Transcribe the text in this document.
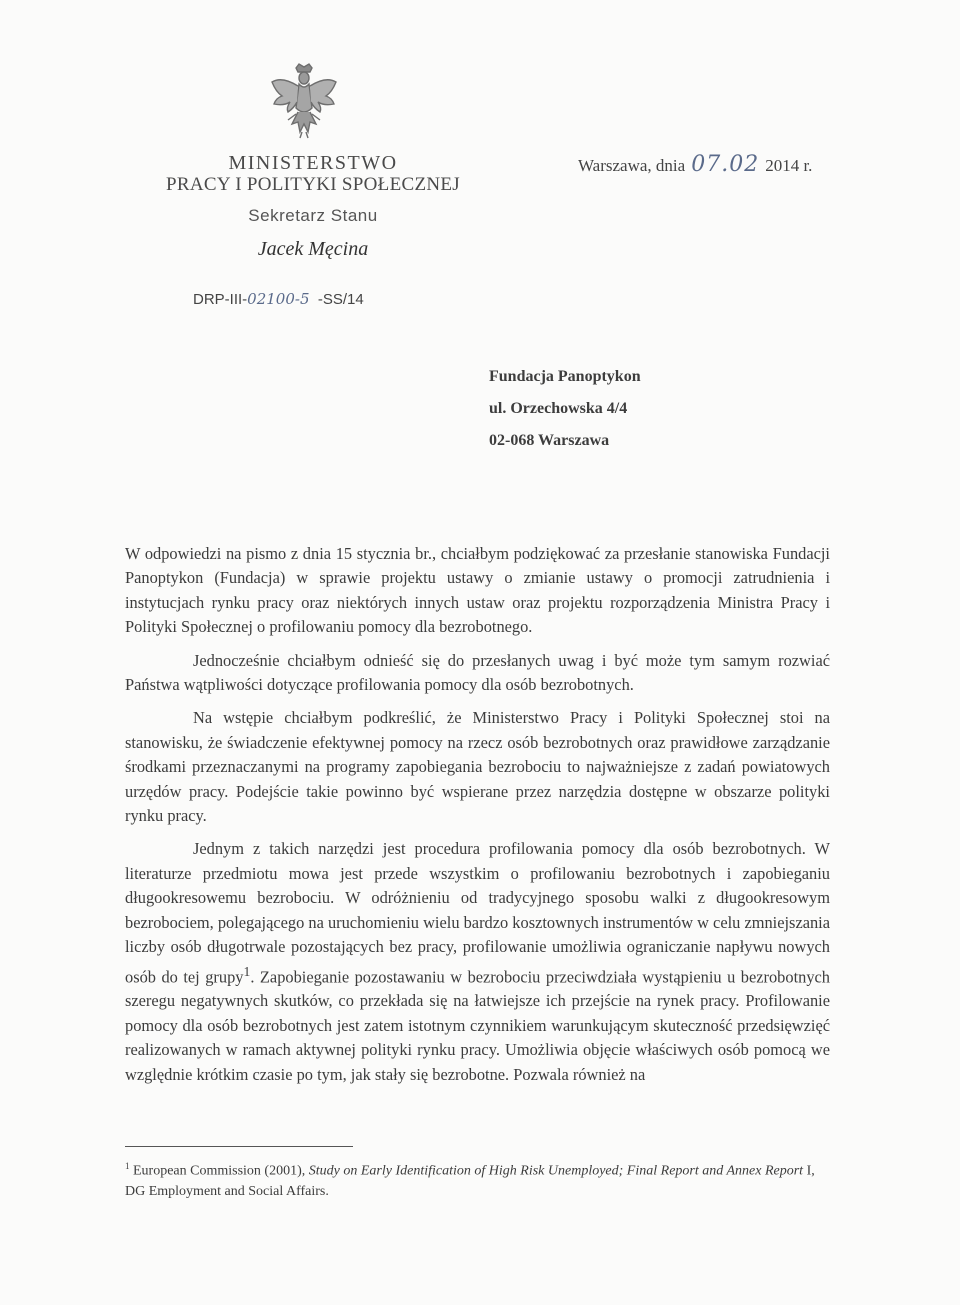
MINISTERSTWO
PRACY I POLITYKI SPOŁECZNEJ
Sekretarz Stanu
Jacek Męcina
DRP-III-02100-5 -SS/14
Warszawa, dnia 07.02 2014 r.
Fundacja Panoptykon
ul. Orzechowska 4/4
02-068 Warszawa

W odpowiedzi na pismo z dnia 15 stycznia br., chciałbym podziękować za przesłanie stanowiska Fundacji Panoptykon (Fundacja) w sprawie projektu ustawy o zmianie ustawy o promocji zatrudnienia i instytucjach rynku pracy oraz niektórych innych ustaw oraz projektu rozporządzenia Ministra Pracy i Polityki Społecznej o profilowaniu pomocy dla bezrobotnego.

Jednocześnie chciałbym odnieść się do przesłanych uwag i być może tym samym rozwiać Państwa wątpliwości dotyczące profilowania pomocy dla osób bezrobotnych.

Na wstępie chciałbym podkreślić, że Ministerstwo Pracy i Polityki Społecznej stoi na stanowisku, że świadczenie efektywnej pomocy na rzecz osób bezrobotnych oraz prawidłowe zarządzanie środkami przeznaczanymi na programy zapobiegania bezrobociu to najważniejsze z zadań powiatowych urzędów pracy. Podejście takie powinno być wspierane przez narzędzia dostępne w obszarze polityki rynku pracy.

Jednym z takich narzędzi jest procedura profilowania pomocy dla osób bezrobotnych. W literaturze przedmiotu mowa jest przede wszystkim o profilowaniu bezrobotnych i zapobieganiu długookresowemu bezrobociu. W odróżnieniu od tradycyjnego sposobu walki z długookresowym bezrobociem, polegającego na uruchomieniu wielu bardzo kosztownych instrumentów w celu zmniejszania liczby osób długotrwale pozostających bez pracy, profilowanie umożliwia ograniczanie napływu nowych osób do tej grupy$^1$. Zapobieganie pozostawaniu w bezrobociu przeciwdziała wystąpieniu u bezrobotnych szeregu negatywnych skutków, co przekłada się na łatwiejsze ich przejście na rynek pracy. Profilowanie pomocy dla osób bezrobotnych jest zatem istotnym czynnikiem warunkującym skuteczność przedsięwzięć realizowanych w ramach aktywnej polityki rynku pracy. Umożliwia objęcie właściwych osób pomocą we względnie krótkim czasie po tym, jak stały się bezrobotne. Pozwala również na

$^1$ European Commission (2001), Study on Early Identification of High Risk Unemployed; Final Report and Annex Report I, DG Employment and Social Affairs.
